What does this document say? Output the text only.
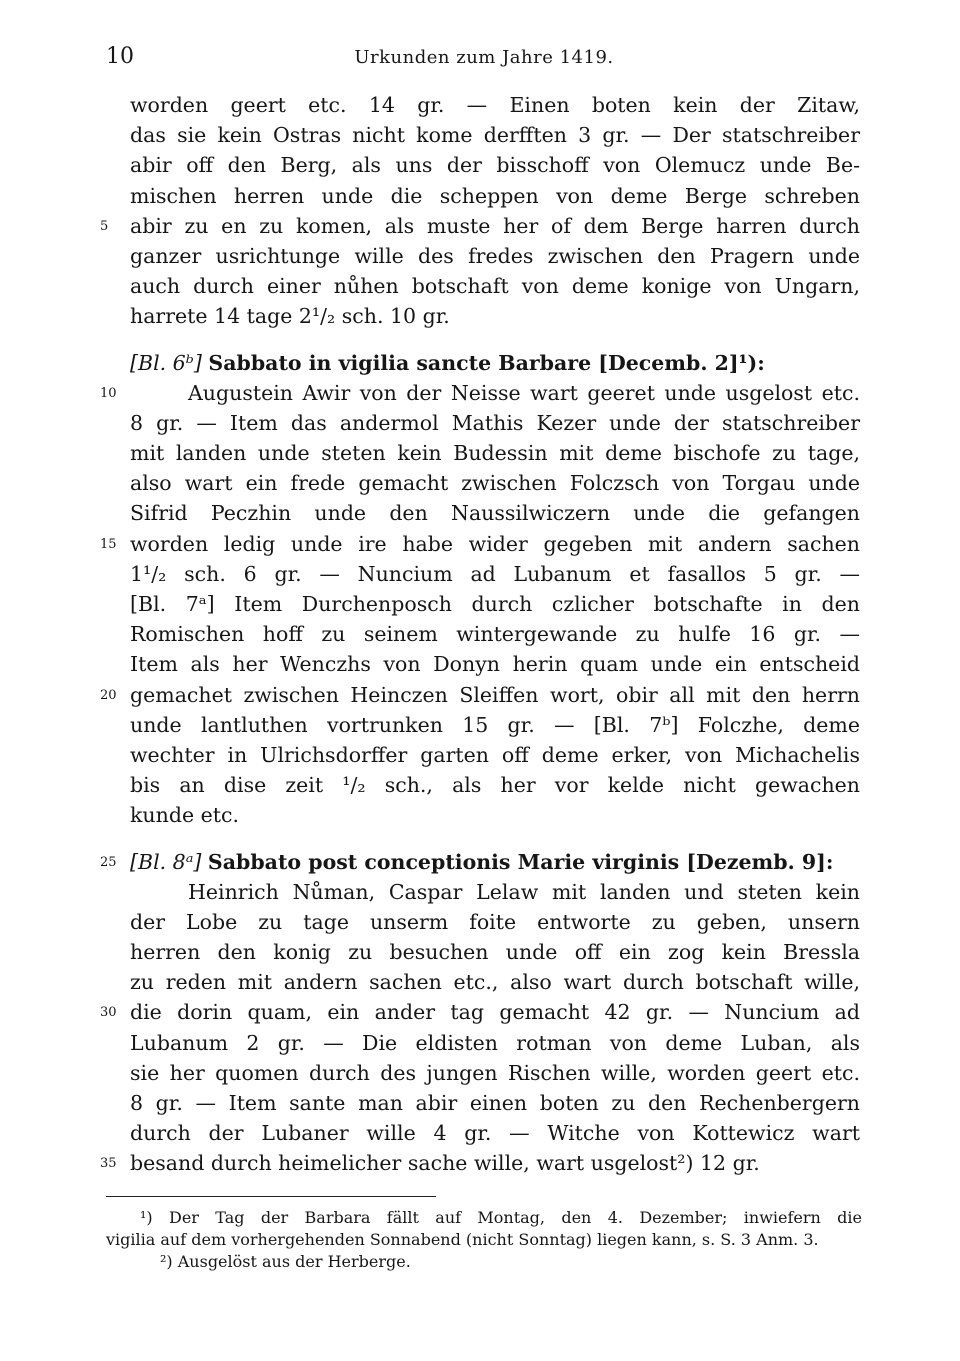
10	Urkunden zum Jahre 1419.
worden geert etc. 14 gr. — Einen boten kein der Zitaw,
das sie kein Ostras nicht kome derfften 3 gr. — Der statschreiber
abir off den Berg, als uns der bisschoff von Olemucz unde Be-
mischen herren unde die scheppen von deme Berge schreben
5	abir zu en zu komen, als muste her of dem Berge harren durch
ganzer usrichtunge wille des fredes zwischen den Pragern unde
auch durch einer nůhen botschaft von deme konige von Ungarn,
harrete 14 tage 2¹/₂ sch. 10 gr.
[Bl. 6ᵇ] Sabbato in vigilia sancte Barbare [Decemb. 2]¹):
10	Augustein Awir von der Neisse wart geeret unde usgelost etc.
8 gr. — Item das andermol Mathis Kezer unde der statschreiber
mit landen unde steten kein Budessin mit deme bischofe zu tage,
also wart ein frede gemacht zwischen Folczsch von Torgau unde
Sifrid Peczhin unde den Naussilwiczern unde die gefangen
15 worden ledig unde ire habe wider gegeben mit andern sachen
1¹/₂ sch. 6 gr. — Nuncium ad Lubanum et fasallos 5 gr. —
[Bl. 7ᵃ] Item Durchenposch durch czlicher botschafte in den
Romischen hoff zu seinem wintergewande zu hulfe 16 gr. —
Item als her Wenczhs von Donyn herin quam unde ein entscheid
20 gemachet zwischen Heinczen Sleiffen wort, obir all mit den herrn
unde lantluthen vortrunken 15 gr. — [Bl. 7ᵇ] Folczhe, deme
wechter in Ulrichsdorffer garten off deme erker, von Michachelis
bis an dise zeit ¹/₂ sch., als her vor kelde nicht gewachen
kunde etc.
25 [Bl. 8ᵃ] Sabbato post conceptionis Marie virginis [Dezemb. 9]:
Heinrich Nůman, Caspar Lelaw mit landen und steten kein
der Lobe zu tage unserm foite entworte zu geben, unsern
herren den konig zu besuchen unde off ein zog kein Bressla
zu reden mit andern sachen etc., also wart durch botschaft wille,
30 die dorin quam, ein ander tag gemacht 42 gr. — Nuncium ad
Lubanum 2 gr. — Die eldisten rotman von deme Luban, als
sie her quomen durch des jungen Rischen wille, worden geert etc.
8 gr. — Item sante man abir einen boten zu den Rechenbergern
durch der Lubaner wille 4 gr. — Witche von Kottewicz wart
35 besand durch heimelicher sache wille, wart usgelost²) 12 gr.
¹) Der Tag der Barbara fällt auf Montag, den 4. Dezember; inwiefern die
vigilia auf dem vorhergehenden Sonnabend (nicht Sonntag) liegen kann, s. S. 3 Anm. 3.
²) Ausgelöst aus der Herberge.
